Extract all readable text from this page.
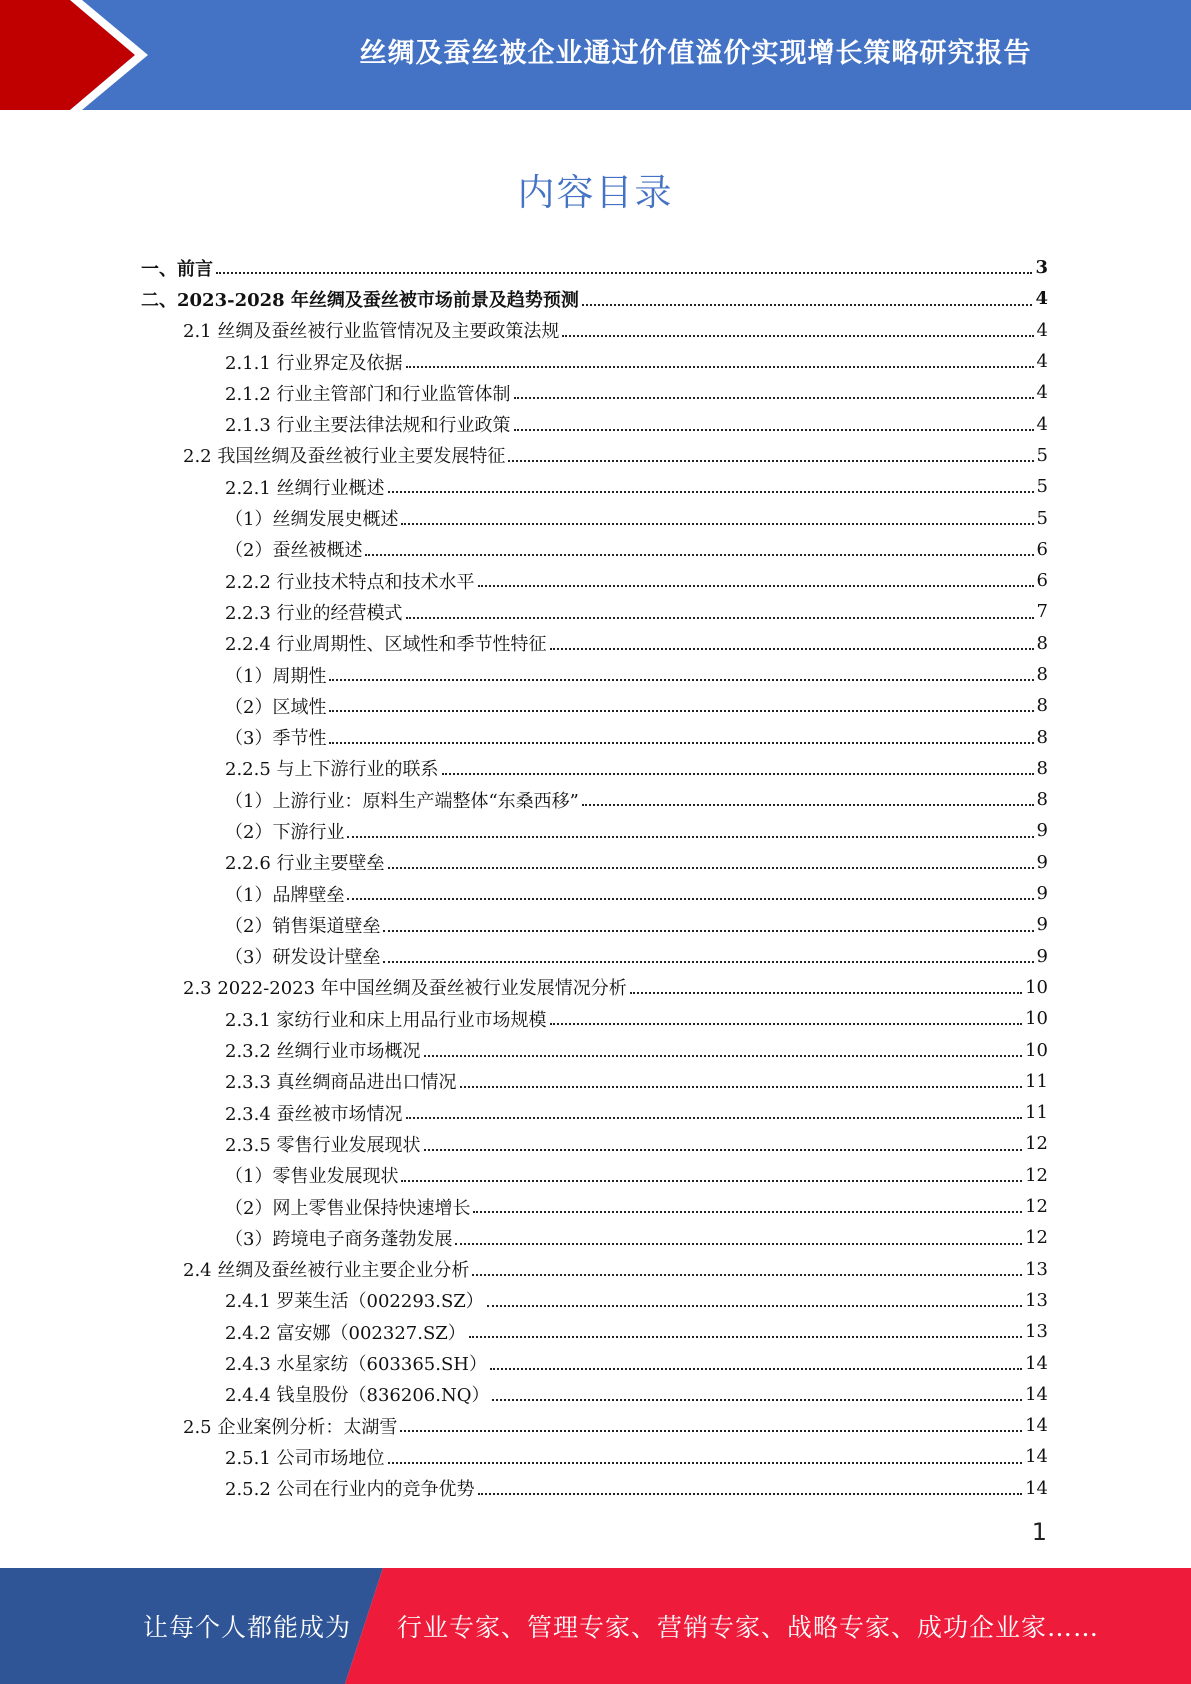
丝绸及蚕丝被企业通过价值溢价实现增长策略研究报告
内容目录
一、前言	3
二、2023-2028 年丝绸及蚕丝被市场前景及趋势预测	4
2.1 丝绸及蚕丝被行业监管情况及主要政策法规	4
2.1.1 行业界定及依据	4
2.1.2 行业主管部门和行业监管体制	4
2.1.3 行业主要法律法规和行业政策	4
2.2 我国丝绸及蚕丝被行业主要发展特征	5
2.2.1 丝绸行业概述	5
（1）丝绸发展史概述	5
（2）蚕丝被概述	6
2.2.2 行业技术特点和技术水平	6
2.2.3 行业的经营模式	7
2.2.4 行业周期性、区域性和季节性特征	8
（1）周期性	8
（2）区域性	8
（3）季节性	8
2.2.5 与上下游行业的联系	8
（1）上游行业：原料生产端整体“东桑西移”	8
（2）下游行业	9
2.2.6 行业主要壁垒	9
（1）品牌壁垒	9
（2）销售渠道壁垒	9
（3）研发设计壁垒	9
2.3 2022-2023 年中国丝绸及蚕丝被行业发展情况分析	10
2.3.1 家纺行业和床上用品行业市场规模	10
2.3.2 丝绸行业市场概况	10
2.3.3 真丝绸商品进出口情况	11
2.3.4 蚕丝被市场情况	11
2.3.5 零售行业发展现状	12
（1）零售业发展现状	12
（2）网上零售业保持快速增长	12
（3）跨境电子商务蓬勃发展	12
2.4 丝绸及蚕丝被行业主要企业分析	13
2.4.1 罗莱生活（002293.SZ）	13
2.4.2 富安娜（002327.SZ）	13
2.4.3 水星家纺（603365.SH）	14
2.4.4 钱皇股份（836206.NQ）	14
2.5 企业案例分析：太湖雪	14
2.5.1 公司市场地位	14
2.5.2 公司在行业内的竞争优势	14
1
让每个人都能成为 行业专家、管理专家、营销专家、战略专家、成功企业家……
